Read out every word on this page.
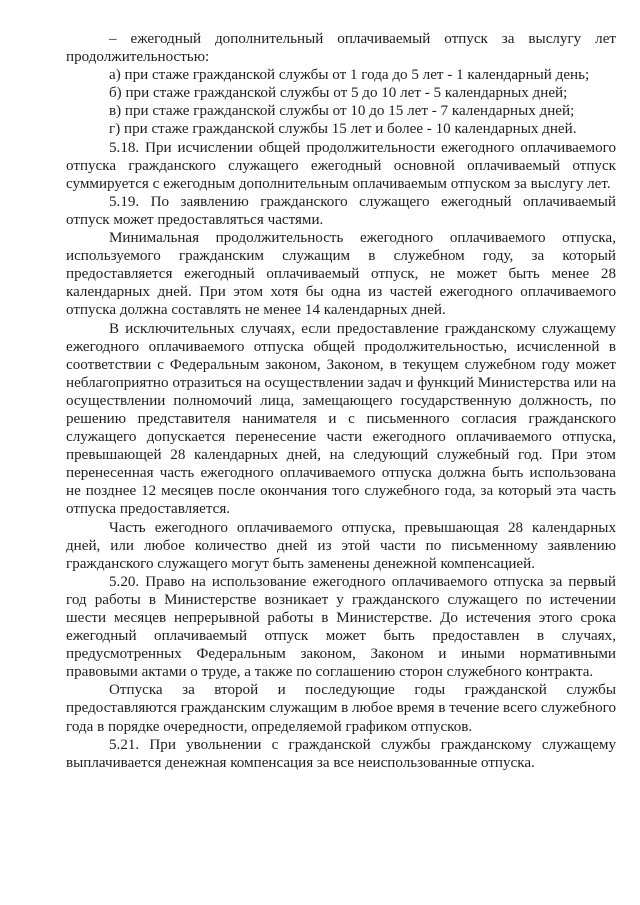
– ежегодный дополнительный оплачиваемый отпуск за выслугу лет продолжительностью:

а) при стаже гражданской службы от 1 года до 5 лет - 1 календарный день;

б) при стаже гражданской службы от 5 до 10 лет - 5 календарных дней;

в) при стаже гражданской службы от 10 до 15 лет - 7 календарных дней;

г) при стаже гражданской службы 15 лет и более - 10 календарных дней.

5.18. При исчислении общей продолжительности ежегодного оплачиваемого отпуска гражданского служащего ежегодный основной оплачиваемый отпуск суммируется с ежегодным дополнительным оплачиваемым отпуском за выслугу лет.

5.19. По заявлению гражданского служащего ежегодный оплачиваемый отпуск может предоставляться частями.

Минимальная продолжительность ежегодного оплачиваемого отпуска, используемого гражданским служащим в служебном году, за который предоставляется ежегодный оплачиваемый отпуск, не может быть менее 28 календарных дней. При этом хотя бы одна из частей ежегодного оплачиваемого отпуска должна составлять не менее 14 календарных дней.

В исключительных случаях, если предоставление гражданскому служащему ежегодного оплачиваемого отпуска общей продолжительностью, исчисленной в соответствии с Федеральным законом, Законом, в текущем служебном году может неблагоприятно отразиться на осуществлении задач и функций Министерства или на осуществлении полномочий лица, замещающего государственную должность, по решению представителя нанимателя и с письменного согласия гражданского служащего допускается перенесение части ежегодного оплачиваемого отпуска, превышающей 28 календарных дней, на следующий служебный год. При этом перенесенная часть ежегодного оплачиваемого отпуска должна быть использована не позднее 12 месяцев после окончания того служебного года, за который эта часть отпуска предоставляется.

Часть ежегодного оплачиваемого отпуска, превышающая 28 календарных дней, или любое количество дней из этой части по письменному заявлению гражданского служащего могут быть заменены денежной компенсацией.

5.20. Право на использование ежегодного оплачиваемого отпуска за первый год работы в Министерстве возникает у гражданского служащего по истечении шести месяцев непрерывной работы в Министерстве. До истечения этого срока ежегодный оплачиваемый отпуск может быть предоставлен в случаях, предусмотренных Федеральным законом, Законом и иными нормативными правовыми актами о труде, а также по соглашению сторон служебного контракта.

Отпуска за второй и последующие годы гражданской службы предоставляются гражданским служащим в любое время в течение всего служебного года в порядке очередности, определяемой графиком отпусков.

5.21. При увольнении с гражданской службы гражданскому служащему выплачивается денежная компенсация за все неиспользованные отпуска.
